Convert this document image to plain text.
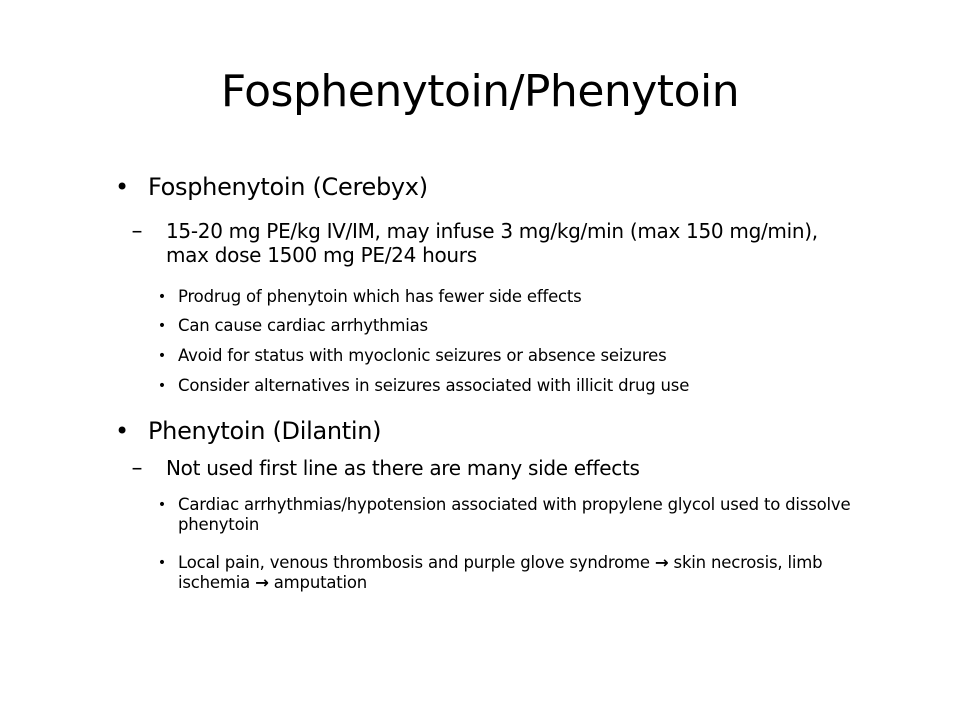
Fosphenytoin/Phenytoin
• Fosphenytoin (Cerebyx)
– 15-20 mg PE/kg IV/IM, may infuse 3 mg/kg/min (max 150 mg/min), max dose 1500 mg PE/24 hours
• Prodrug of phenytoin which has fewer side effects
• Can cause cardiac arrhythmias
• Avoid for status with myoclonic seizures or absence seizures
• Consider alternatives in seizures associated with illicit drug use
• Phenytoin (Dilantin)
– Not used first line as there are many side effects
• Cardiac arrhythmias/hypotension associated with propylene glycol used to dissolve phenytoin
• Local pain, venous thrombosis and purple glove syndrome → skin necrosis, limb ischemia → amputation
